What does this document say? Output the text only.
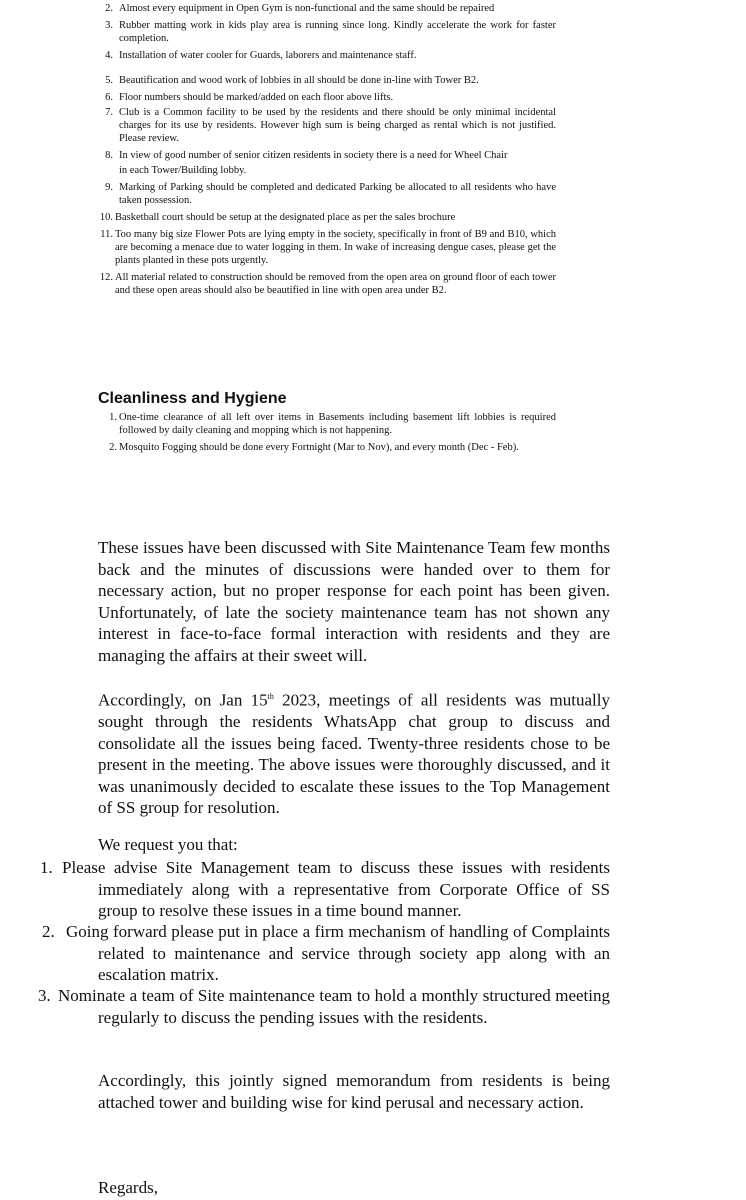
2. Almost every equipment in Open Gym is non-functional and the same should be repaired
3. Rubber matting work in kids play area is running since long. Kindly accelerate the work for faster completion.
4. Installation of water cooler for Guards, laborers and maintenance staff.
5. Beautification and wood work of lobbies in all should be done in-line with Tower B2.
6. Floor numbers should be marked/added on each floor above lifts.
7. Club is a Common facility to be used by the residents and there should be only minimal incidental charges for its use by residents. However high sum is being charged as rental which is not justified. Please review.
8. In view of good number of senior citizen residents in society there is a need for Wheel Chair
in each Tower/Building lobby.
9. Marking of Parking should be completed and dedicated Parking be allocated to all residents who have taken possession.
10. Basketball court should be setup at the designated place as per the sales brochure
11. Too many big size Flower Pots are lying empty in the society, specifically in front of B9 and B10, which are becoming a menace due to water logging in them. In wake of increasing dengue cases, please get the plants planted in these pots urgently.
12. All material related to construction should be removed from the open area on ground floor of each tower and these open areas should also be beautified in line with open area under B2.
Cleanliness and Hygiene
1. One-time clearance of all left over items in Basements including basement lift lobbies is required followed by daily cleaning and mopping which is not happening.
2. Mosquito Fogging should be done every Fortnight (Mar to Nov), and every month (Dec - Feb).
These issues have been discussed with Site Maintenance Team few months back and the minutes of discussions were handed over to them for necessary action, but no proper response for each point has been given. Unfortunately, of late the society maintenance team has not shown any interest in face-to-face formal interaction with residents and they are managing the affairs at their sweet will.
Accordingly, on Jan 15th 2023, meetings of all residents was mutually sought through the residents WhatsApp chat group to discuss and consolidate all the issues being faced. Twenty-three residents chose to be present in the meeting. The above issues were thoroughly discussed, and it was unanimously decided to escalate these issues to the Top Management of SS group for resolution.
We request you that:
1. Please advise Site Management team to discuss these issues with residents immediately along with a representative from Corporate Office of SS group to resolve these issues in a time bound manner.
2. Going forward please put in place a firm mechanism of handling of Complaints related to maintenance and service through society app along with an escalation matrix.
3. Nominate a team of Site maintenance team to hold a monthly structured meeting regularly to discuss the pending issues with the residents.
Accordingly, this jointly signed memorandum from residents is being attached tower and building wise for kind perusal and necessary action.
Regards,
